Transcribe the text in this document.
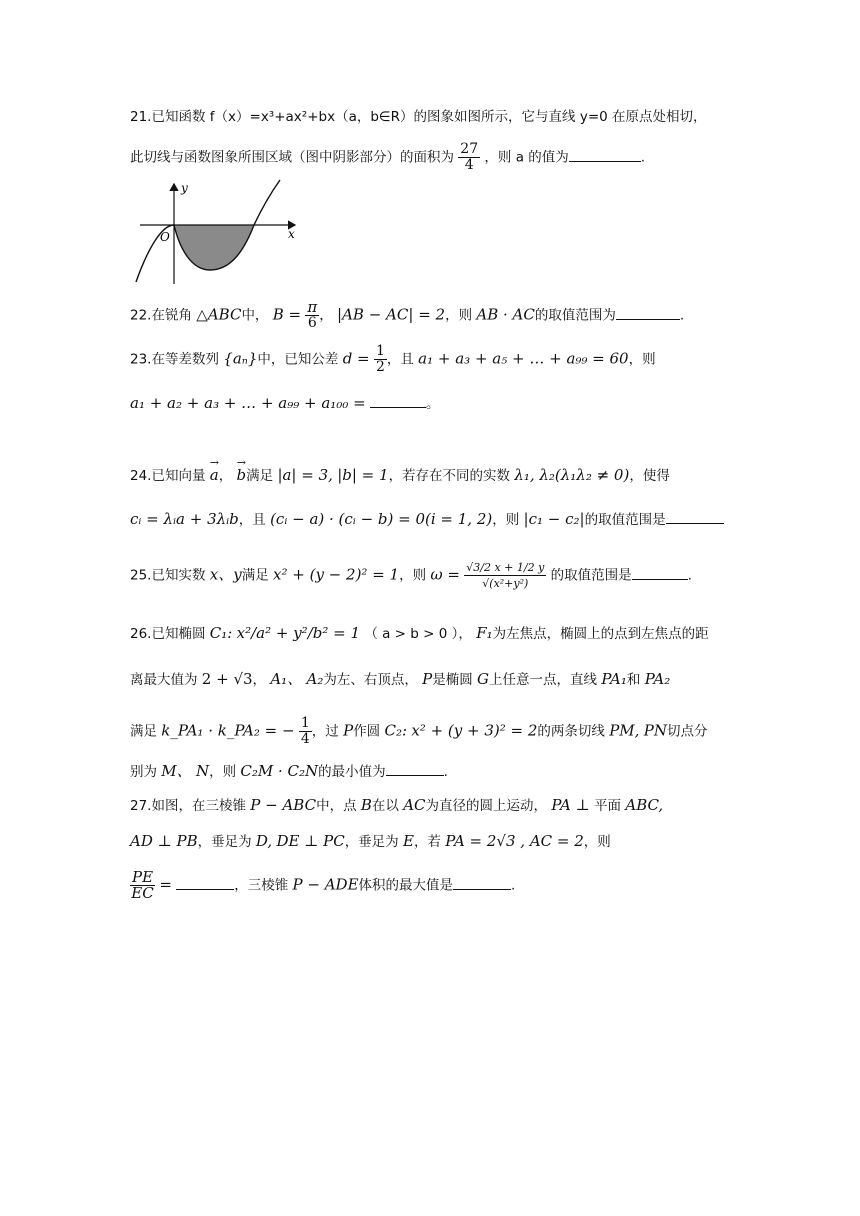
21.已知函数 f（x）=x³+ax²+bx（a，b∈R）的图象如图所示，它与直线 y=0 在原点处相切，
此切线与函数图象所围区域（图中阴影部分）的面积为 $\frac{27}{4}$ ，则 a 的值为	.
y
x
O
22.在锐角 △ABC中， $B = \frac{\pi}{6}$ ， |AB − AC| = 2，则 AB · AC的取值范围为	.
23.在等差数列 {aₙ}中，已知公差 $d = \frac{1}{2}$ ，且 a₁ + a₃ + a₅ + … + a₉₉ = 60，则
a₁ + a₂ + a₃ + … + a₉₉ + a₁₀₀ =	。
24.已知向量 → a， → b满足 |a| = 3, |b| = 1，若存在不同的实数 λ₁, λ₂(λ₁λ₂ ≠ 0)，使得
cᵢ = λᵢa + 3λᵢb，且 (cᵢ − a) · (cᵢ − b) = 0(i = 1, 2)，则 |c₁ − c₂|的取值范围是
25.已知实数 x、y满足 x² + (y − 2)² = 1，则 $\omega = \frac{√3/2 x + 1/2 y}{\text{√(x²+y²)}}$ 的取值范围是	.
26.已知椭圆 C₁: x²/a² + y²/b² = 1 （ a > b > 0 ）， F₁为左焦点，椭圆上的点到左焦点的距
离最大值为 2 + √3， A₁、 A₂为左、右顶点， P是椭圆 G上任意一点，直线 PA₁和 PA₂
满足 k_PA₁ · k_PA₂ = − $\frac{1}{4}$ ，过 P作圆 C₂: x² + (y + 3)² = 2的两条切线 PM, PN切点分
别为 M、 N，则 C₂M · C₂N的最小值为	.
27.如图，在三棱锥 P − ABC中，点 B在以 AC为直径的圆上运动， PA ⊥ 平面 ABC,
AD ⊥ PB，垂足为 D, DE ⊥ PC，垂足为 E，若 PA = 2√3 , AC = 2，则
$\frac{PE}{EC}$ =	，三棱锥 P − ADE体积的最大值是	.
